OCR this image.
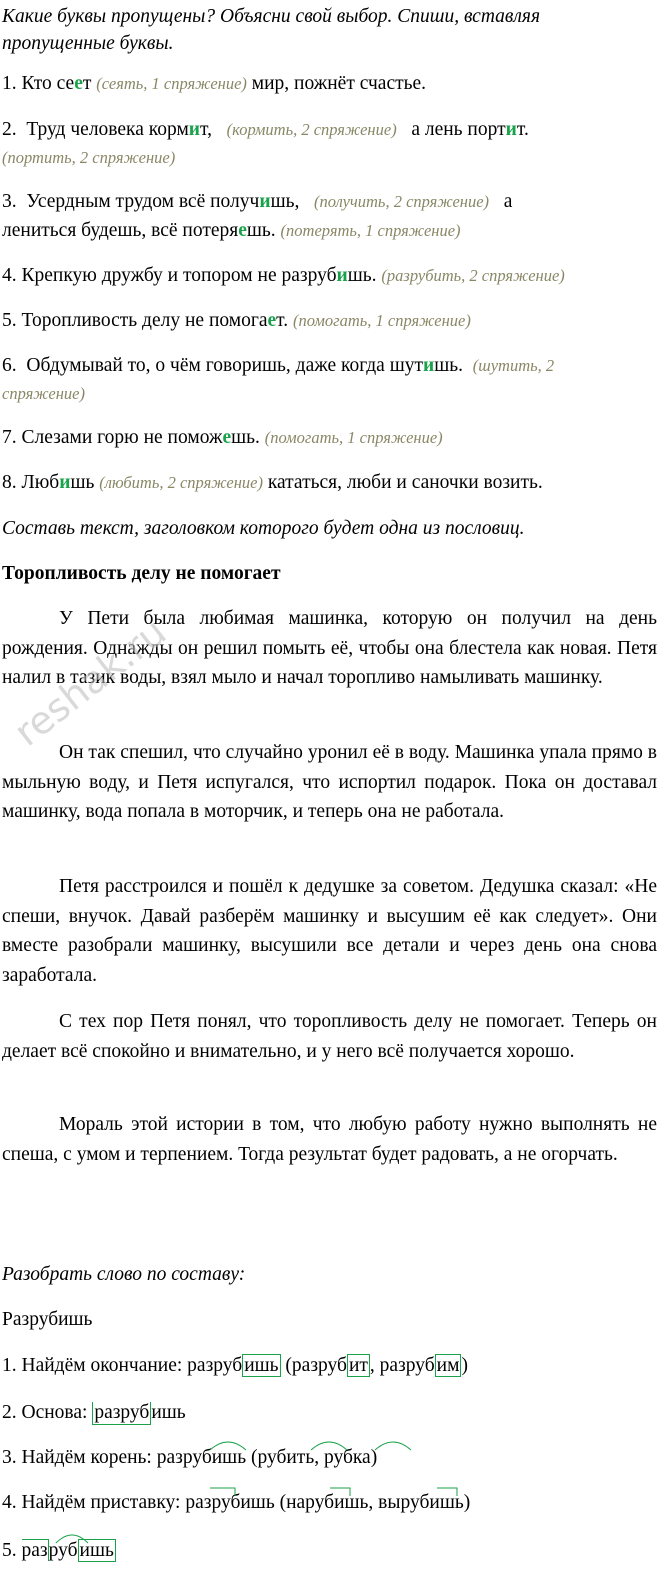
Какие буквы пропущены? Объясни свой выбор. Спиши, вставляя пропущенные буквы.
1. Кто сеет (сеять, 1 спряжение) мир, пожнёт счастье.
2. Труд человека кормит, (кормить, 2 спряжение) а лень портит.
(портить, 2 спряжение)
3. Усердным трудом всё получишь, (получить, 2 спряжение) а
лениться будешь, всё потеряешь. (потерять, 1 спряжение)
4. Крепкую дружбу и топором не разрубишь. (разрубить, 2 спряжение)
5. Торопливость делу не помогает. (помогать, 1 спряжение)
6. Обдумывай то, о чём говоришь, даже когда шутишь. (шутить, 2
спряжение)
7. Слезами горю не поможешь. (помогать, 1 спряжение)
8. Любишь (любить, 2 спряжение) кататься, люби и саночки возить.
Составь текст, заголовком которого будет одна из пословиц.
Торопливость делу не помогает
У Пети была любимая машинка, которую он получил на день рождения. Однажды он решил помыть её, чтобы она блестела как новая. Петя налил в тазик воды, взял мыло и начал торопливо намыливать машинку.
Он так спешил, что случайно уронил её в воду. Машинка упала прямо в мыльную воду, и Петя испугался, что испортил подарок. Пока он доставал машинку, вода попала в моторчик, и теперь она не работала.
Петя расстроился и пошёл к дедушке за советом. Дедушка сказал: «Не спеши, внучок. Давай разберём машинку и высушим её как следует». Они вместе разобрали машинку, высушили все детали и через день она снова заработала.
С тех пор Петя понял, что торопливость делу не помогает. Теперь он делает всё спокойно и внимательно, и у него всё получается хорошо.
Мораль этой истории в том, что любую работу нужно выполнять не спеша, с умом и терпением. Тогда результат будет радовать, а не огорчать.
Разобрать слово по составу:
Разрубишь
1. Найдём окончание: разруб ишь (разруб ит , разруб им )
2. Основа: разруб ишь
3. Найдём корень: разрубишь (рубить, рубка)
4. Найдём приставку: разрубишь (нарубишь, вырубишь)
5. разруб ишь
reshak.ru
